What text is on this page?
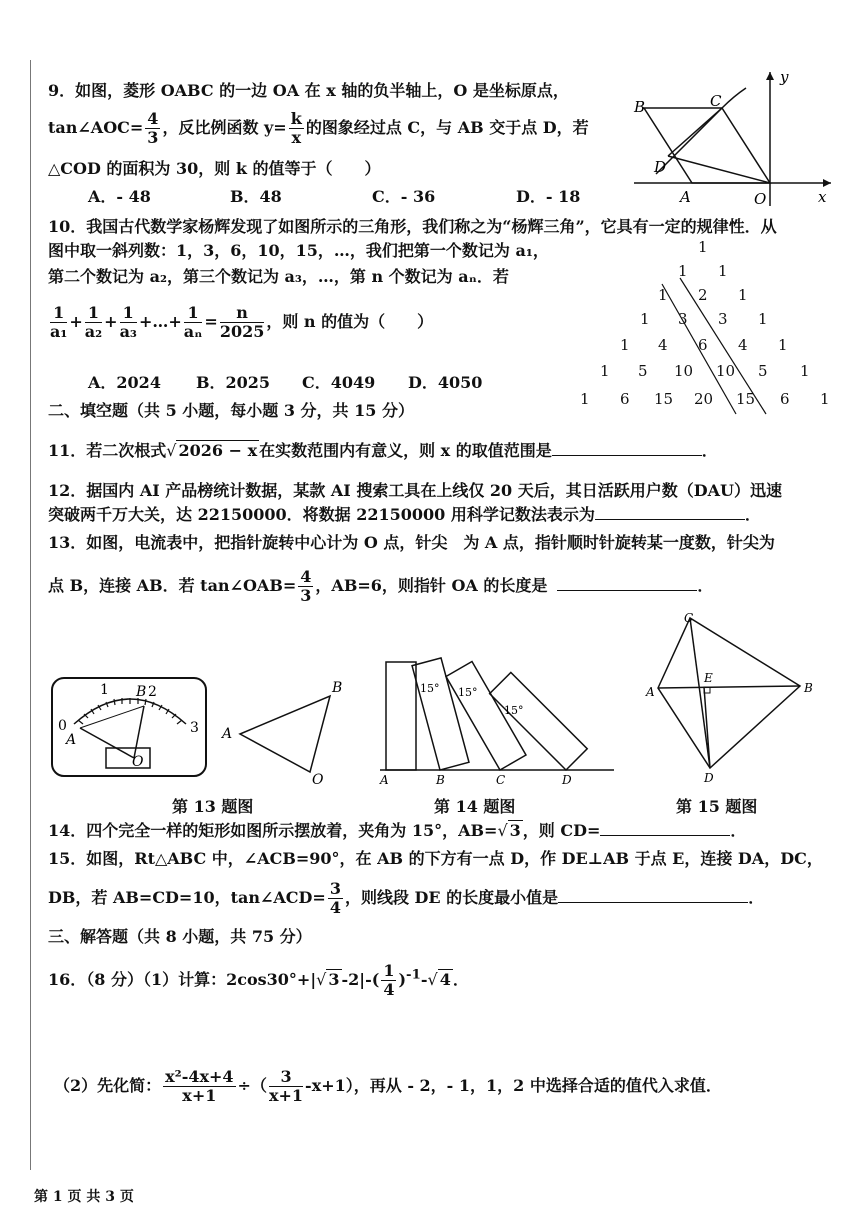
9．如图，菱形 OABC 的一边 OA 在 x 轴的负半轴上，O 是坐标原点，
tan∠AOC= $\frac{4}{3}$ ，反比例函数 $y= \frac{k}{x}$ 的图象经过点 C，与 AB 交于点 D，若
△COD 的面积为 30，则 k 的值等于（　　）
A．- 48	B．48	C．- 36	D．- 18
B	C
D
A	O	x
y
10．我国古代数学家杨辉发现了如图所示的三角形，我们称之为“杨辉三角”，它具有一定的规律性．从
图中取一斜列数：1，3，6，10，15，…，我们把第一个数记为 a₁，
第二个数记为 a₂，第三个数记为 a₃，…，第 n 个数记为 aₙ．若
$\frac{1}{\text{a₁}} + \frac{1}{\text{a₂}} + \frac{1}{\text{a₃}}$ +…+ $\frac{1}{\text{aₙ}} = \frac{n}{2025}$ ，则 n 的值为（　　）
A．2024 B．2025 C．4049 D．4050
1
1 1
1 2 1
1 3 3 1
1 4 6 4 1
1 5 10 10 5 1
1 6 15 20 15 6 1
二、填空题（共 5 小题，每小题 3 分，共 15 分）
11．若二次根式√ 2026 − x 在实数范围内有意义，则 x 的取值范围是	．
12．据国内 AI 产品榜统计数据，某款 AI 搜索工具在上线仅 20 天后，其日活跃用户数（DAU）迅速
突破两千万大关，达 22150000．将数据 22150000 用科学记数法表示为	．
13．如图，电流表中，把指针旋转中心计为 O 点，针尖　为 A 点，指针顺时针旋转某一度数，针尖为
点 B，连接 AB．若 tan∠OAB= $\frac{4}{3}$ ，AB=6，则指针 OA 的长度是	．
0
1 B 2
3
A
O
A
B
O
15° 15°
15°
A	B	C	D
C
A	B
E
D
第 13 题图	第 14 题图	第 15 题图
14．四个完全一样的矩形如图所示摆放着，夹角为 15°，AB=√ 3 ，则 CD=	．
15．如图，Rt△ABC 中，∠ACB=90°，在 AB 的下方有一点 D，作 DE⊥AB 于点 E，连接 DA，DC，
DB，若 AB=CD=10，tan∠ACD= $\frac{3}{4}$ ，则线段 DE 的长度最小值是	．
三、解答题（共 8 小题，共 75 分）
16．（8 分）（1）计算：2cos30°+|√ 3 $-2|-( \frac{1}{4} )^{-1}-√$ 4 ．
（2）先化简： $\frac{\text{x²-4x+4}}{x+1}$ ÷（ $\frac{3}{x+1} -x+1$），再从 - 2，- 1，1，2 中选择合适的值代入求值．
第 1 页 共 3 页
